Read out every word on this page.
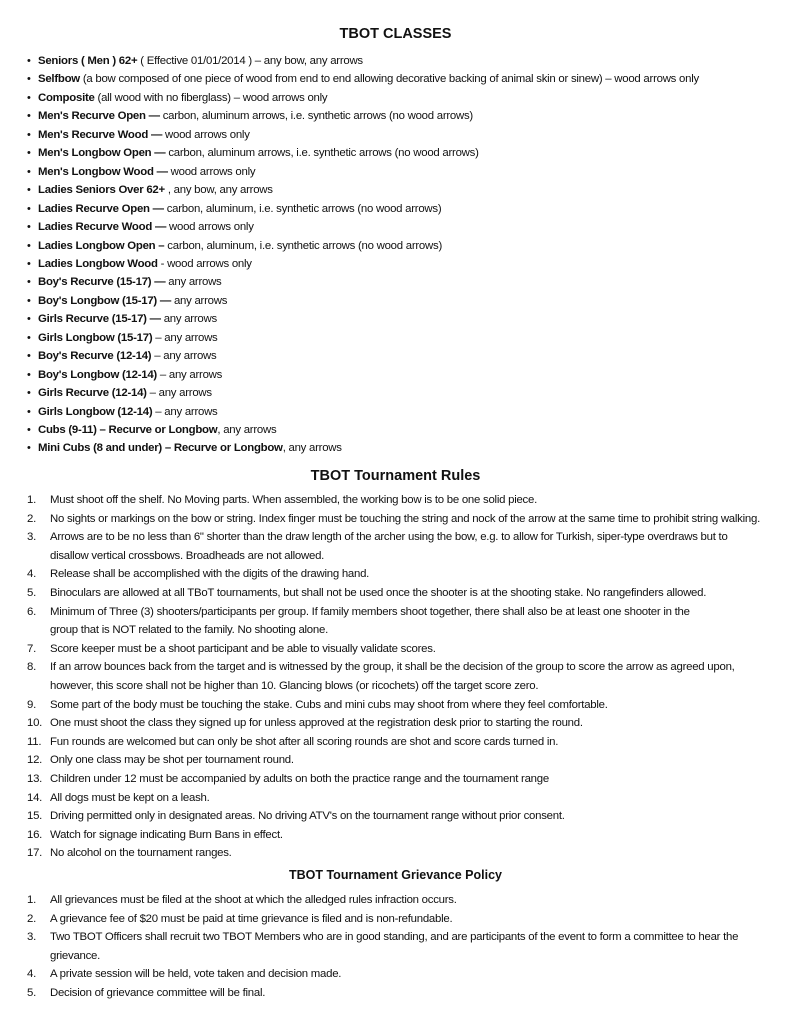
TBOT CLASSES
• Seniors ( Men ) 62+ ( Effective 01/01/2014 ) – any bow, any arrows
• Selfbow (a bow composed of one piece of wood from end to end allowing decorative backing of animal skin or sinew) – wood arrows only
• Composite (all wood with no fiberglass) – wood arrows only
• Men's Recurve Open — carbon, aluminum arrows, i.e. synthetic arrows (no wood arrows)
• Men's Recurve Wood — wood arrows only
• Men's Longbow Open — carbon, aluminum arrows, i.e. synthetic arrows (no wood arrows)
• Men's Longbow Wood — wood arrows only
• Ladies Seniors Over 62+ , any bow, any arrows
• Ladies Recurve Open — carbon, aluminum, i.e. synthetic arrows (no wood arrows)
• Ladies Recurve Wood — wood arrows only
• Ladies Longbow Open – carbon, aluminum, i.e. synthetic arrows (no wood arrows)
• Ladies Longbow Wood - wood arrows only
• Boy's Recurve (15-17) — any arrows
• Boy's Longbow (15-17) — any arrows
• Girls Recurve (15-17) — any arrows
• Girls Longbow (15-17) – any arrows
• Boy's Recurve (12-14) – any arrows
• Boy's Longbow (12-14) – any arrows
• Girls Recurve (12-14) – any arrows
• Girls Longbow (12-14) – any arrows
• Cubs (9-11) – Recurve or Longbow, any arrows
• Mini Cubs (8 and under) – Recurve or Longbow, any arrows
TBOT Tournament Rules
1. Must shoot off the shelf. No Moving parts. When assembled, the working bow is to be one solid piece.
2. No sights or markings on the bow or string. Index finger must be touching the string and nock of the arrow at the same time to prohibit string walking.
3. Arrows are to be no less than 6" shorter than the draw length of the archer using the bow, e.g. to allow for Turkish, siper-type overdraws but to
disallow vertical crossbows. Broadheads are not allowed.
4. Release shall be accomplished with the digits of the drawing hand.
5. Binoculars are allowed at all TBoT tournaments, but shall not be used once the shooter is at the shooting stake. No rangefinders allowed.
6. Minimum of Three (3) shooters/participants per group. If family members shoot together, there shall also be at least one shooter in the
group that is NOT related to the family. No shooting alone.
7. Score keeper must be a shoot participant and be able to visually validate scores.
8. If an arrow bounces back from the target and is witnessed by the group, it shall be the decision of the group to score the arrow as agreed upon,
however, this score shall not be higher than 10. Glancing blows (or ricochets) off the target score zero.
9. Some part of the body must be touching the stake. Cubs and mini cubs may shoot from where they feel comfortable.
10. One must shoot the class they signed up for unless approved at the registration desk prior to starting the round.
11. Fun rounds are welcomed but can only be shot after all scoring rounds are shot and score cards turned in.
12. Only one class may be shot per tournament round.
13. Children under 12 must be accompanied by adults on both the practice range and the tournament range
14. All dogs must be kept on a leash.
15. Driving permitted only in designated areas. No driving ATV's on the tournament range without prior consent.
16. Watch for signage indicating Burn Bans in effect.
17. No alcohol on the tournament ranges.
TBOT Tournament Grievance Policy
1. All grievances must be filed at the shoot at which the alledged rules infraction occurs.
2. A grievance fee of $20 must be paid at time grievance is filed and is non-refundable.
3. Two TBOT Officers shall recruit two TBOT Members who are in good standing, and are participants of the event to form a committee to hear the
grievance.
4. A private session will be held, vote taken and decision made.
5. Decision of grievance committee will be final.
